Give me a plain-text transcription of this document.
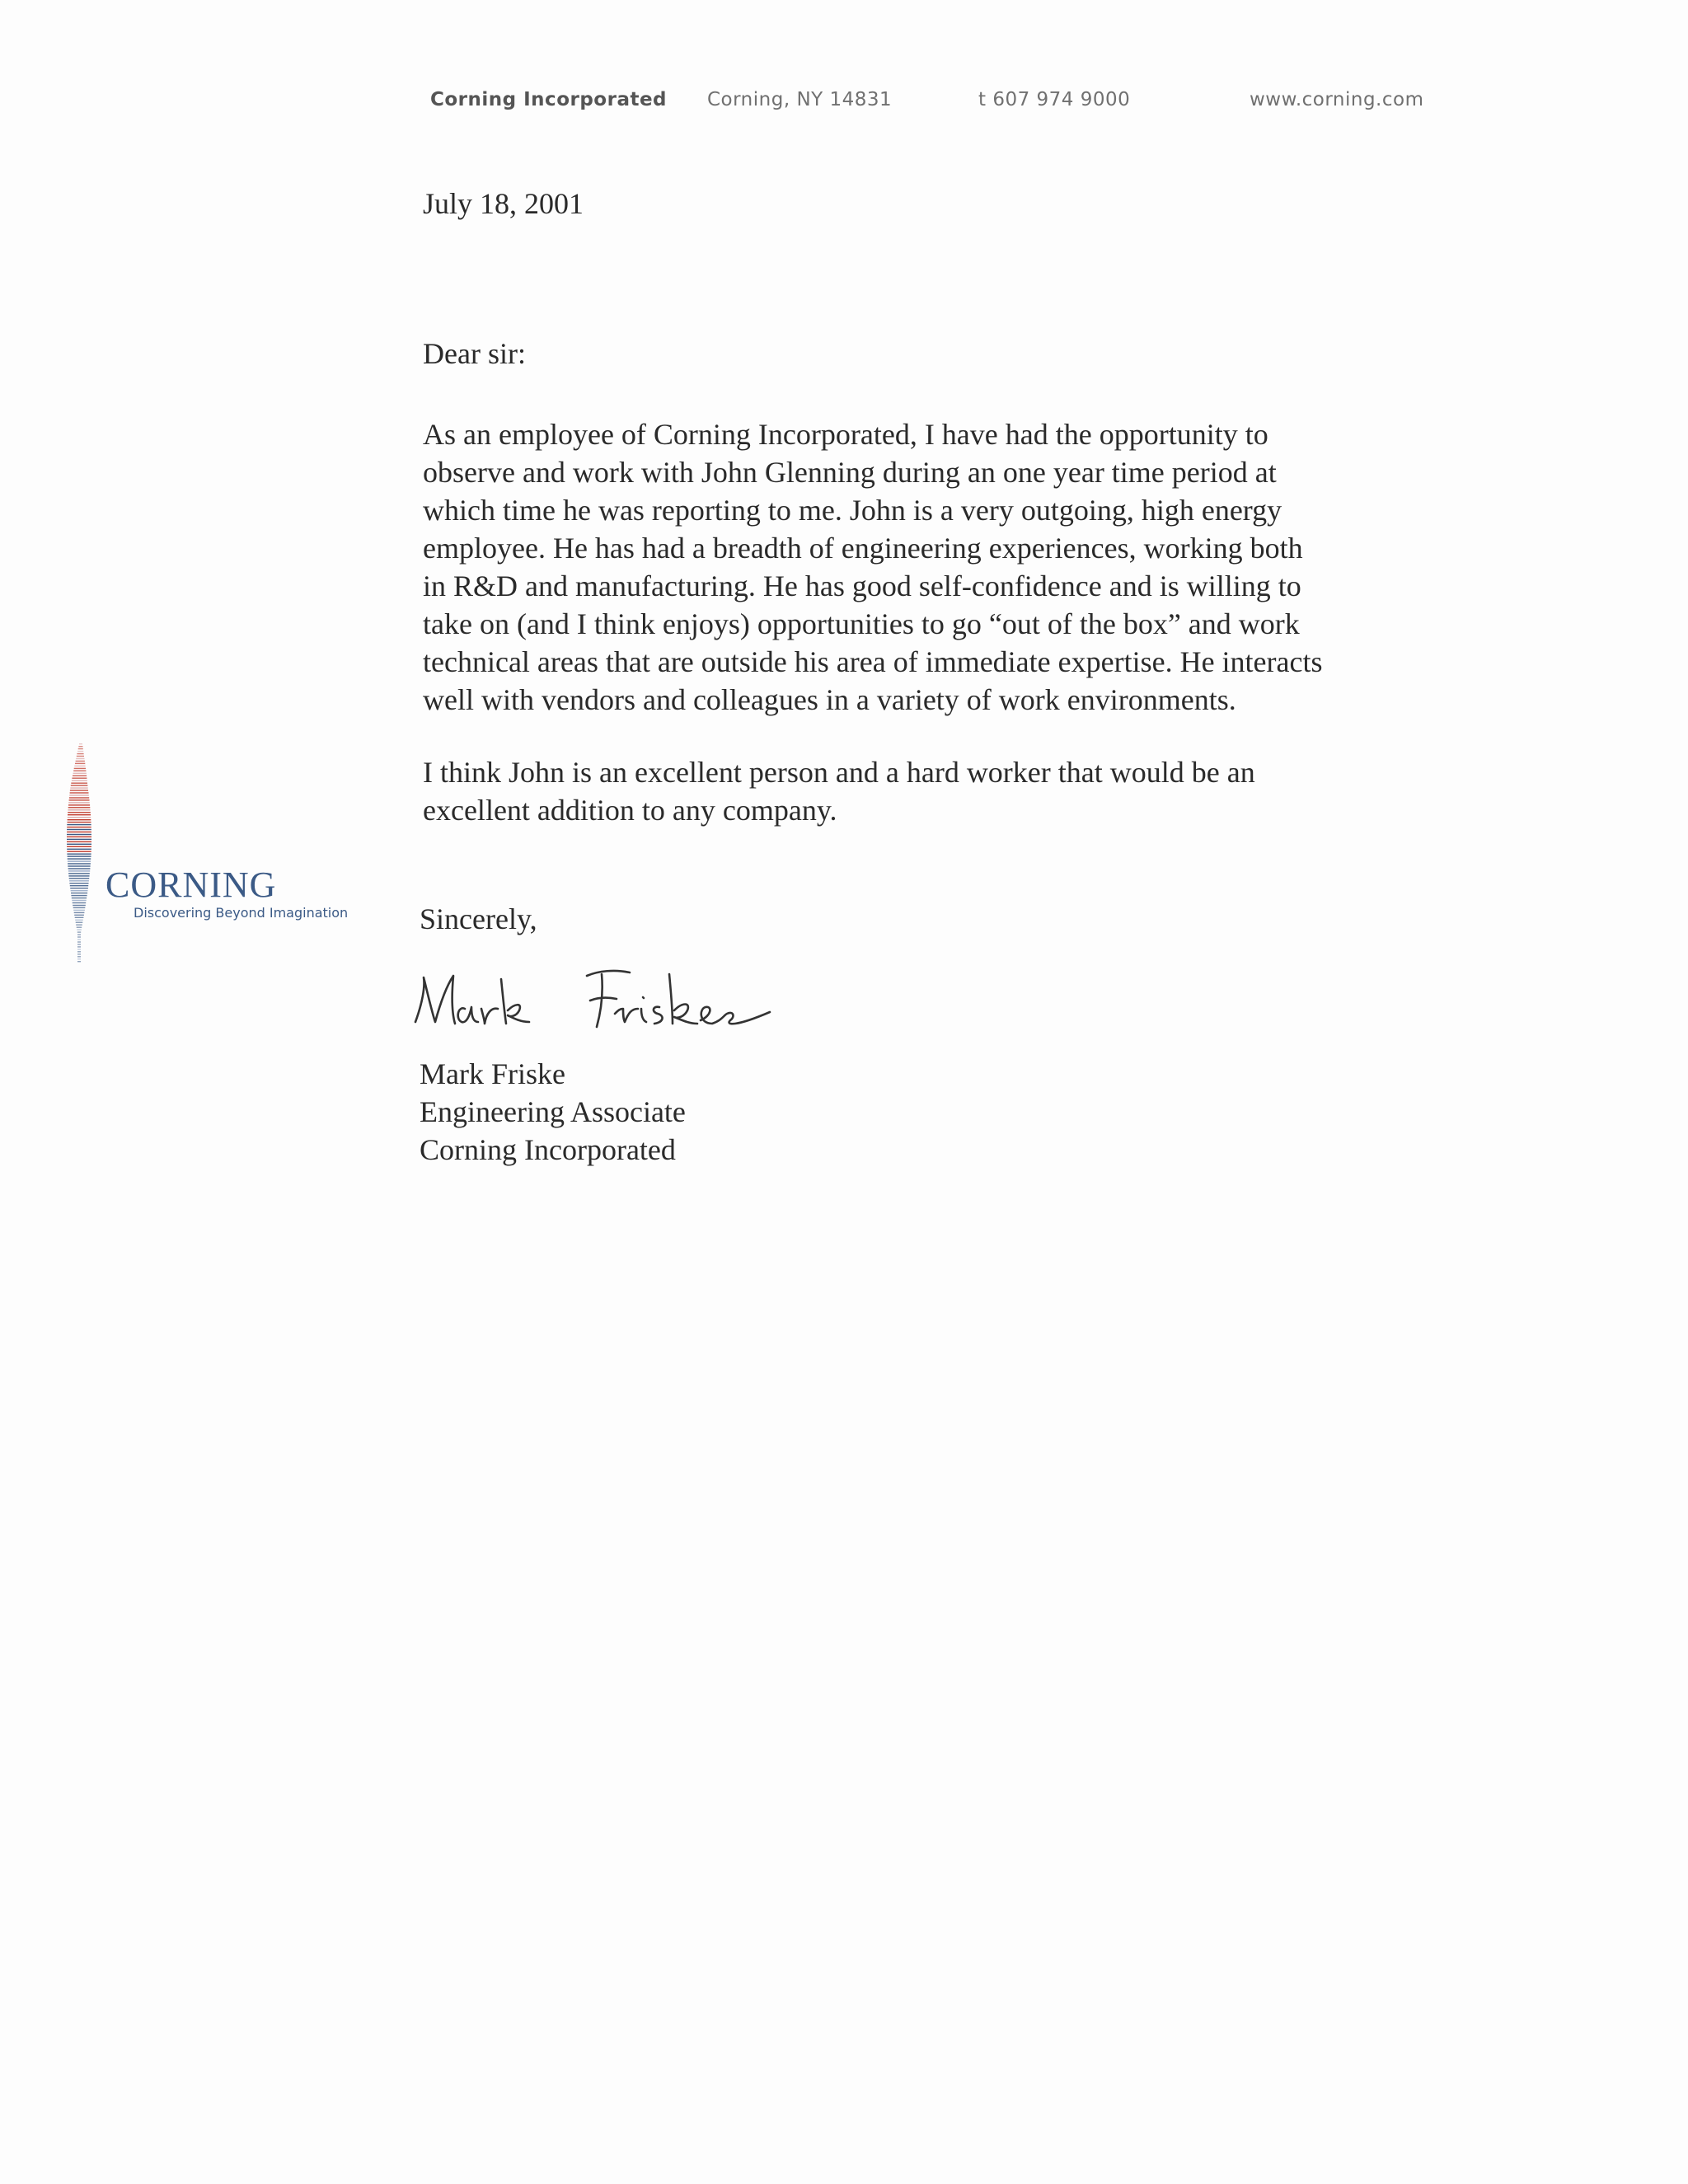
Corning Incorporated Corning, NY 14831	t 607 974 9000	www.corning.com
CORNING
Discovering Beyond Imagination
July 18, 2001
Dear sir:
As an employee of Corning Incorporated, I have had the opportunity to
observe and work with John Glenning during an one year time period at
which time he was reporting to me. John is a very outgoing, high energy
employee. He has had a breadth of engineering experiences, working both
in R&D and manufacturing. He has good self-confidence and is willing to
take on (and I think enjoys) opportunities to go “out of the box” and work
technical areas that are outside his area of immediate expertise. He interacts
well with vendors and colleagues in a variety of work environments.
I think John is an excellent person and a hard worker that would be an
excellent addition to any company.
Sincerely,
Mark Friske
Engineering Associate
Corning Incorporated
